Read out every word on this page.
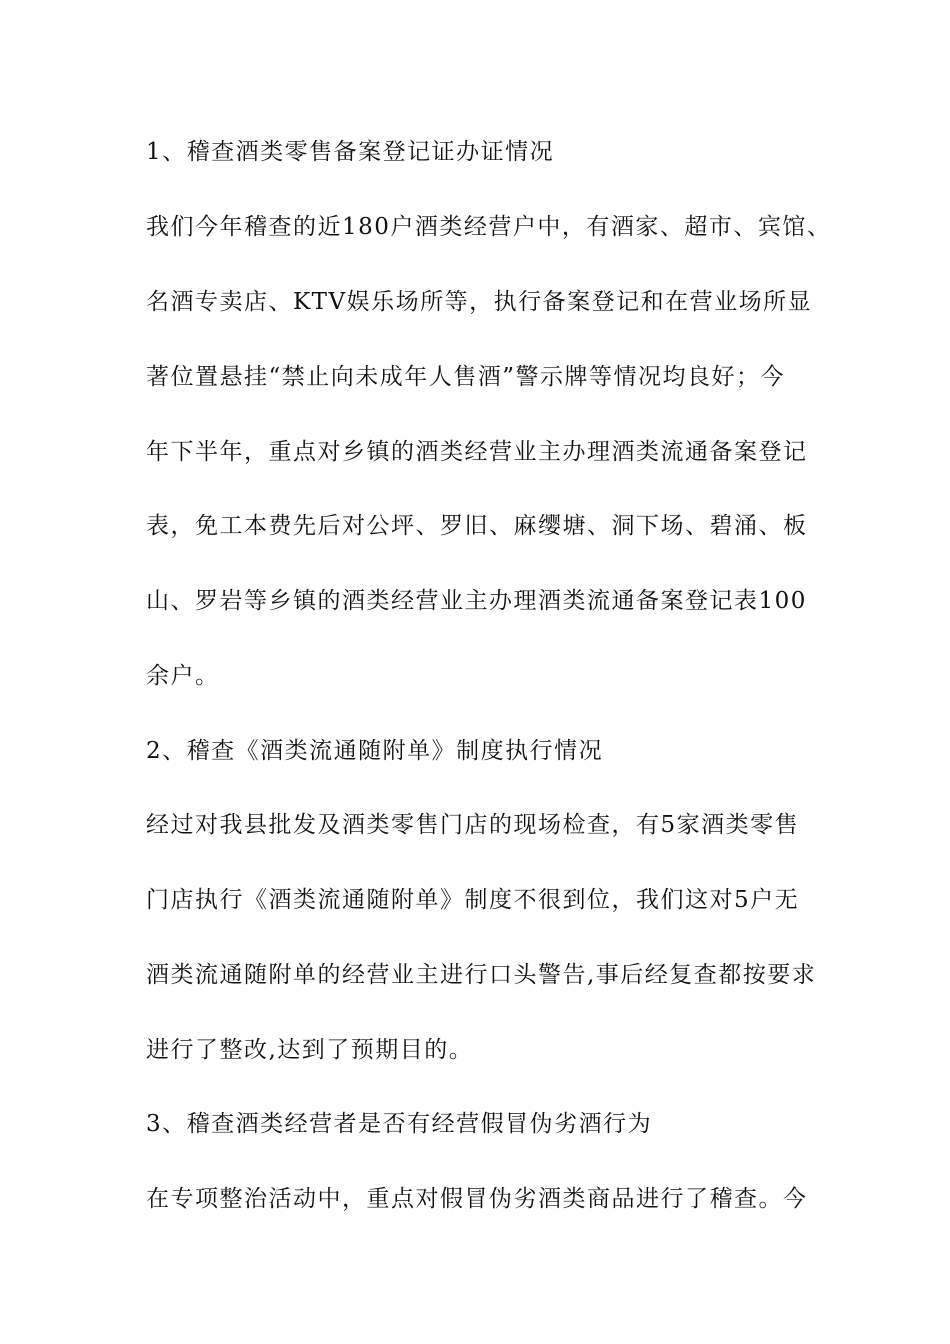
1、稽查酒类零售备案登记证办证情况
我们今年稽查的近180户酒类经营户中，有酒家、超市、宾馆、
名酒专卖店、KTV娱乐场所等，执行备案登记和在营业场所显
著位置悬挂“禁止向未成年人售酒”警示牌等情况均良好；今
年下半年，重点对乡镇的酒类经营业主办理酒类流通备案登记
表，免工本费先后对公坪、罗旧、麻缨塘、洞下场、碧涌、板
山、罗岩等乡镇的酒类经营业主办理酒类流通备案登记表100
余户。
2、稽查《酒类流通随附单》制度执行情况
经过对我县批发及酒类零售门店的现场检查，有5家酒类零售
门店执行《酒类流通随附单》制度不很到位，我们这对5户无
酒类流通随附单的经营业主进行口头警告,事后经复查都按要求
进行了整改,达到了预期目的。
3、稽查酒类经营者是否有经营假冒伪劣酒行为
在专项整治活动中，重点对假冒伪劣酒类商品进行了稽查。今
